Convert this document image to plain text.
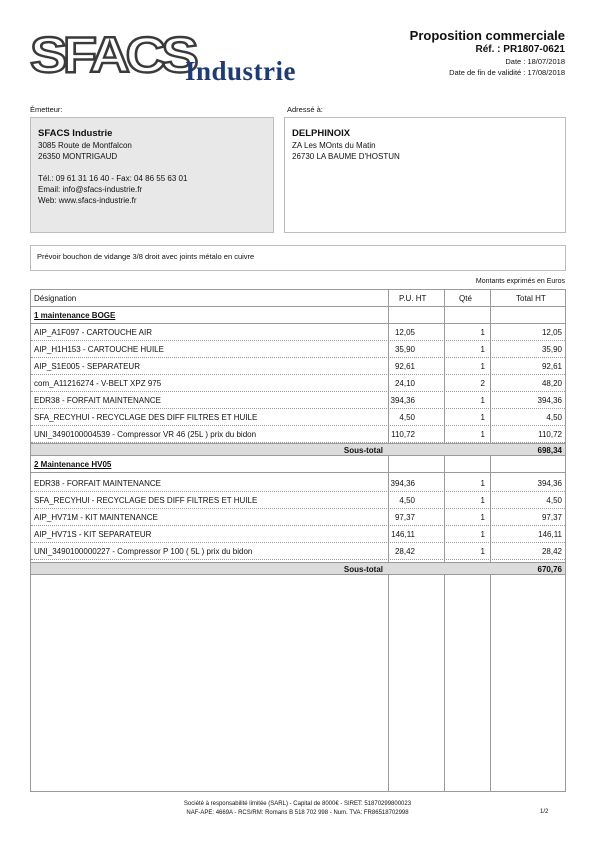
SFACS
Industrie
Proposition commerciale
Réf. : PR1807-0621
Date : 18/07/2018
Date de fin de validité : 17/08/2018
Émetteur:
SFACS Industrie
3085 Route de Montfalcon
26350 MONTRIGAUD
Tél.: 09 61 31 16 40 - Fax: 04 86 55 63 01
Email: info@sfacs-industrie.fr
Web: www.sfacs-industrie.fr
Adressé à:
DELPHINOIX
ZA Les MOnts du Matin
26730 LA BAUME D'HOSTUN
Prévoir bouchon de vidange 3/8 droit avec joints métalo en cuivre
Montants exprimés en Euros
Désignation	P.U. HT	Qté	Total HT
1 maintenance BOGE
AIP_A1F097 - CARTOUCHE AIR	12,05	1	12,05
AIP_H1H153 - CARTOUCHE HUILE	35,90	1	35,90
AIP_S1E005 - SEPARATEUR	92,61	1	92,61
com_A11216274 - V-BELT XPZ 975	24,10	2	48,20
EDR38 - FORFAIT MAINTENANCE	394,36	1	394,36
SFA_RECYHUI - RECYCLAGE DES DIFF FILTRES ET HUILE	4,50	1	4,50
UNI_3490100004539 - Compressor VR 46 (25L ) prix du bidon	110,72	1	110,72
Sous-total	698,34
2 Maintenance HV05
EDR38 - FORFAIT MAINTENANCE	394,36	1	394,36
SFA_RECYHUI - RECYCLAGE DES DIFF FILTRES ET HUILE	4,50	1	4,50
AIP_HV71M - KIT MAINTENANCE	97,37	1	97,37
AIP_HV71S - KIT SEPARATEUR	146,11	1	146,11
UNI_3490100000227 - Compressor P 100 ( 5L ) prix du bidon	28,42	1	28,42
Sous-total	670,76
Société à responsabilité limitée (SARL) - Capital de 8000€ - SIRET: 51870299800023
NAF-APE: 4669A - RCS/RM: Romans B 518 702 998 - Num. TVA: FR86518702998	1/2
